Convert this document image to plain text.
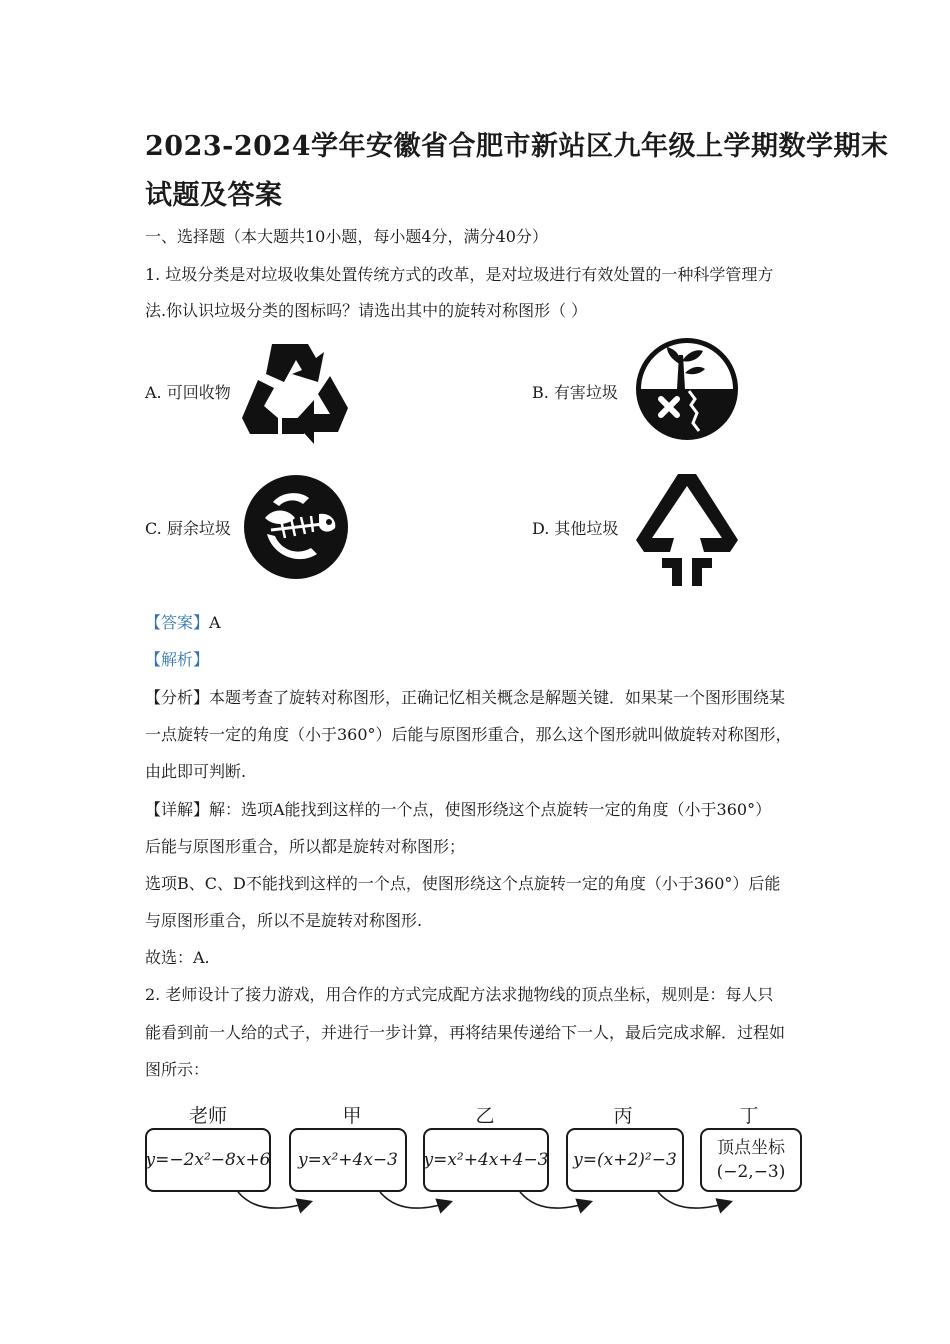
2023-2024学年安徽省合肥市新站区九年级上学期数学期末
试题及答案
一、选择题（本大题共10小题，每小题4分，满分40分）
1. 垃圾分类是对垃圾收集处置传统方式的改革，是对垃圾进行有效处置的一种科学管理方
法.你认识垃圾分类的图标吗？请选出其中的旋转对称图形（ ）
A. 可回收物	B. 有害垃圾
C. 厨余垃圾	D. 其他垃圾
【答案】A
【解析】
【分析】本题考查了旋转对称图形，正确记忆相关概念是解题关键．如果某一个图形围绕某
一点旋转一定的角度（小于360°）后能与原图形重合，那么这个图形就叫做旋转对称图形，
由此即可判断.
【详解】解：选项A能找到这样的一个点，使图形绕这个点旋转一定的角度（小于360°）
后能与原图形重合，所以都是旋转对称图形；
选项B、C、D不能找到这样的一个点，使图形绕这个点旋转一定的角度（小于360°）后能
与原图形重合，所以不是旋转对称图形.
故选：A.
2. 老师设计了接力游戏，用合作的方式完成配方法求抛物线的顶点坐标，规则是：每人只
能看到前一人给的式子，并进行一步计算，再将结果传递给下一人，最后完成求解．过程如
图所示：
老师	甲	乙	丙	丁
y=−2x²−8x+6	y=x²+4x−3	y=x²+4x+4−3	y=(x+2)²−3
顶点坐标
(−2,−3)
